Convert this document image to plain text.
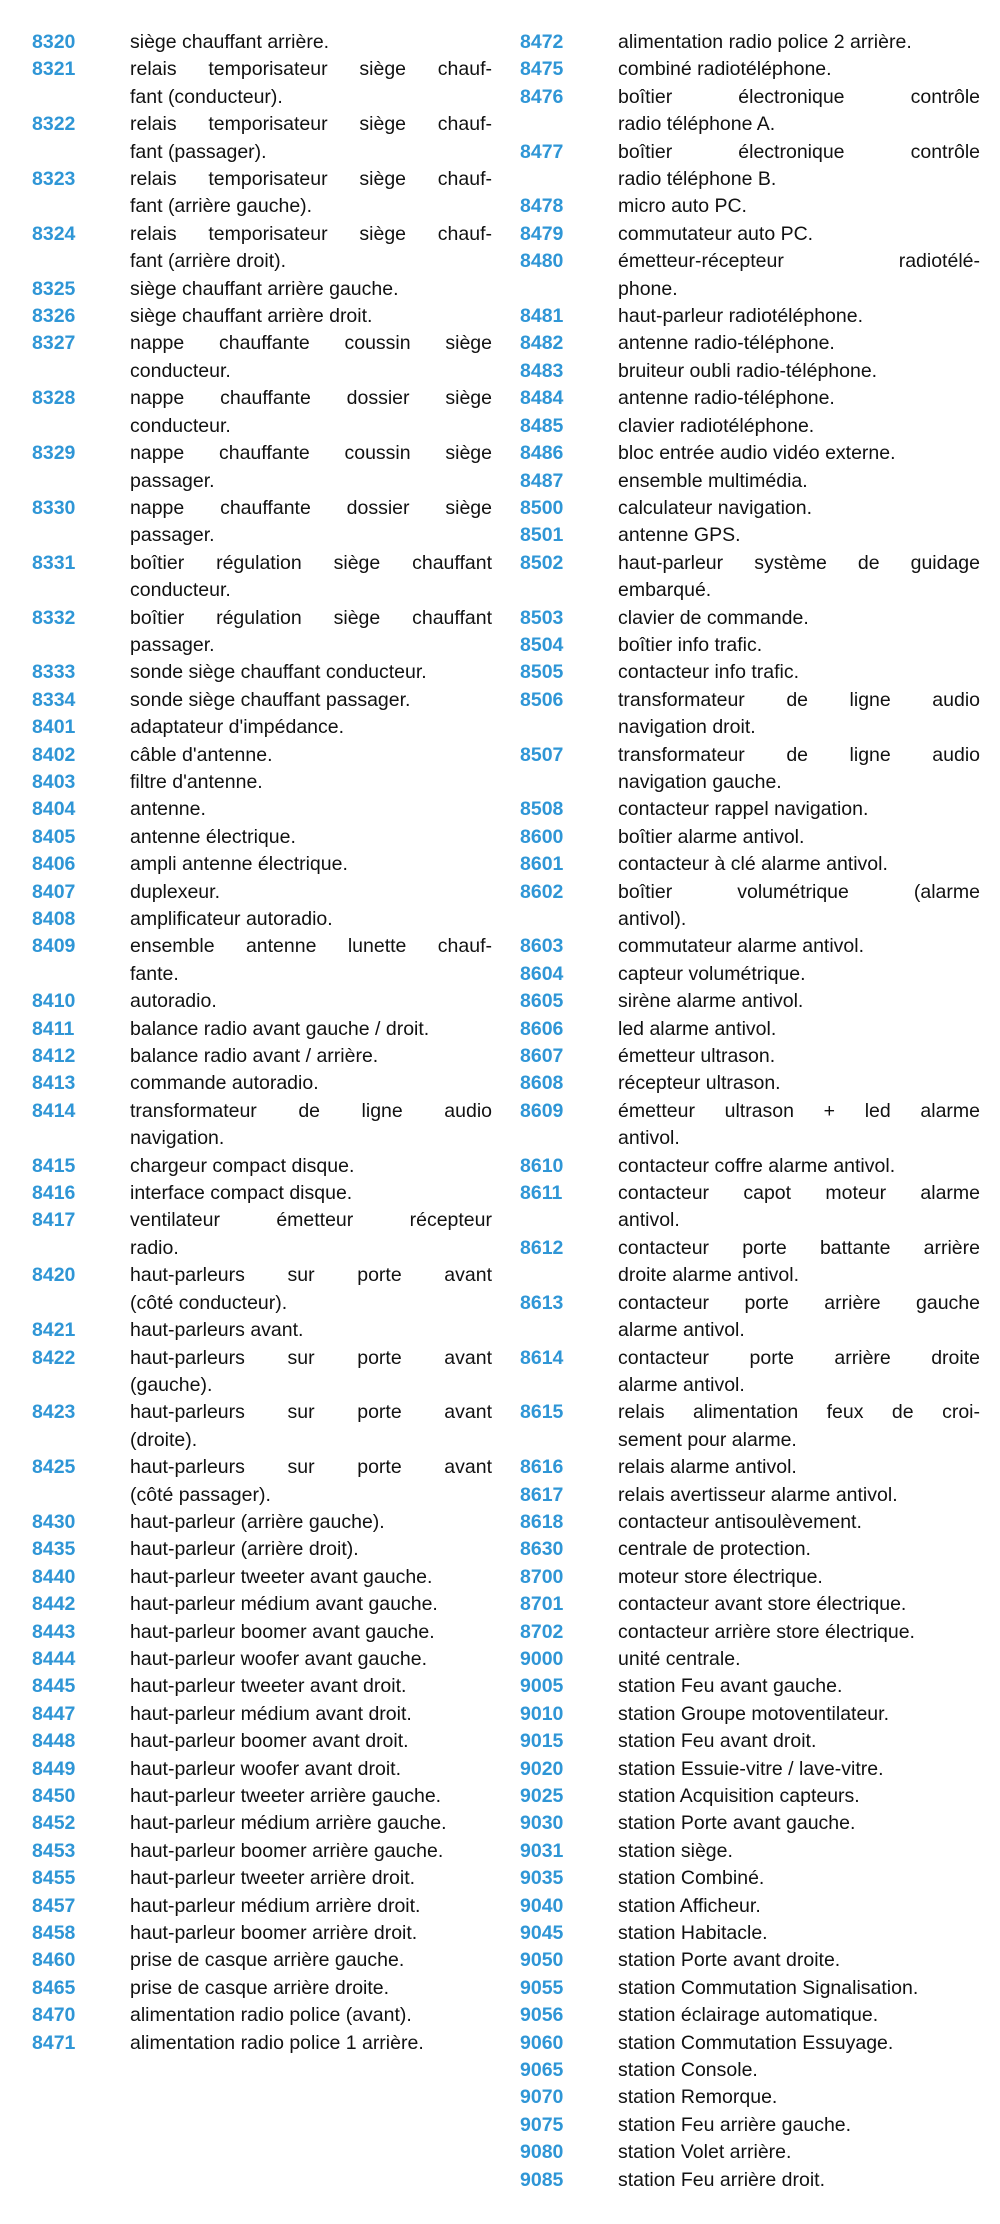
8320	siège chauffant arrière.
8321	relais temporisateur siège chauf-
fant (conducteur).
8322	relais temporisateur siège chauf-
fant (passager).
8323	relais temporisateur siège chauf-
fant (arrière gauche).
8324	relais temporisateur siège chauf-
fant (arrière droit).
8325	siège chauffant arrière gauche.
8326	siège chauffant arrière droit.
8327	nappe chauffante coussin siège
conducteur.
8328	nappe chauffante dossier siège
conducteur.
8329	nappe chauffante coussin siège
passager.
8330	nappe chauffante dossier siège
passager.
8331	boîtier régulation siège chauffant
conducteur.
8332	boîtier régulation siège chauffant
passager.
8333	sonde siège chauffant conducteur.
8334	sonde siège chauffant passager.
8401	adaptateur d'impédance.
8402	câble d'antenne.
8403	filtre d'antenne.
8404	antenne.
8405	antenne électrique.
8406	ampli antenne électrique.
8407	duplexeur.
8408	amplificateur autoradio.
8409	ensemble antenne lunette chauf-
fante.
8410	autoradio.
8411	balance radio avant gauche / droit.
8412	balance radio avant / arrière.
8413	commande autoradio.
8414	transformateur de ligne audio
navigation.
8415	chargeur compact disque.
8416	interface compact disque.
8417	ventilateur émetteur récepteur
radio.
8420	haut-parleurs sur porte avant
(côté conducteur).
8421	haut-parleurs avant.
8422	haut-parleurs sur porte avant
(gauche).
8423	haut-parleurs sur porte avant
(droite).
8425	haut-parleurs sur porte avant
(côté passager).
8430	haut-parleur (arrière gauche).
8435	haut-parleur (arrière droit).
8440	haut-parleur tweeter avant gauche.
8442	haut-parleur médium avant gauche.
8443	haut-parleur boomer avant gauche.
8444	haut-parleur woofer avant gauche.
8445	haut-parleur tweeter avant droit.
8447	haut-parleur médium avant droit.
8448	haut-parleur boomer avant droit.
8449	haut-parleur woofer avant droit.
8450	haut-parleur tweeter arrière gauche.
8452	haut-parleur médium arrière gauche.
8453	haut-parleur boomer arrière gauche.
8455	haut-parleur tweeter arrière droit.
8457	haut-parleur médium arrière droit.
8458	haut-parleur boomer arrière droit.
8460	prise de casque arrière gauche.
8465	prise de casque arrière droite.
8470	alimentation radio police (avant).
8471	alimentation radio police 1 arrière.
8472	alimentation radio police 2 arrière.
8475	combiné radiotéléphone.
8476	boîtier électronique contrôle
radio téléphone A.
8477	boîtier électronique contrôle
radio téléphone B.
8478	micro auto PC.
8479	commutateur auto PC.
8480	émetteur-récepteur radiotélé-
phone.
8481	haut-parleur radiotéléphone.
8482	antenne radio-téléphone.
8483	bruiteur oubli radio-téléphone.
8484	antenne radio-téléphone.
8485	clavier radiotéléphone.
8486	bloc entrée audio vidéo externe.
8487	ensemble multimédia.
8500	calculateur navigation.
8501	antenne GPS.
8502	haut-parleur système de guidage
embarqué.
8503	clavier de commande.
8504	boîtier info trafic.
8505	contacteur info trafic.
8506	transformateur de ligne audio
navigation droit.
8507	transformateur de ligne audio
navigation gauche.
8508	contacteur rappel navigation.
8600	boîtier alarme antivol.
8601	contacteur à clé alarme antivol.
8602	boîtier volumétrique (alarme
antivol).
8603	commutateur alarme antivol.
8604	capteur volumétrique.
8605	sirène alarme antivol.
8606	led alarme antivol.
8607	émetteur ultrason.
8608	récepteur ultrason.
8609	émetteur ultrason + led alarme
antivol.
8610	contacteur coffre alarme antivol.
8611	contacteur capot moteur alarme
antivol.
8612	contacteur porte battante arrière
droite alarme antivol.
8613	contacteur porte arrière gauche
alarme antivol.
8614	contacteur porte arrière droite
alarme antivol.
8615	relais alimentation feux de croi-
sement pour alarme.
8616	relais alarme antivol.
8617	relais avertisseur alarme antivol.
8618	contacteur antisoulèvement.
8630	centrale de protection.
8700	moteur store électrique.
8701	contacteur avant store électrique.
8702	contacteur arrière store électrique.
9000	unité centrale.
9005	station Feu avant gauche.
9010	station Groupe motoventilateur.
9015	station Feu avant droit.
9020	station Essuie-vitre / lave-vitre.
9025	station Acquisition capteurs.
9030	station Porte avant gauche.
9031	station siège.
9035	station Combiné.
9040	station Afficheur.
9045	station Habitacle.
9050	station Porte avant droite.
9055	station Commutation Signalisation.
9056	station éclairage automatique.
9060	station Commutation Essuyage.
9065	station Console.
9070	station Remorque.
9075	station Feu arrière gauche.
9080	station Volet arrière.
9085	station Feu arrière droit.
